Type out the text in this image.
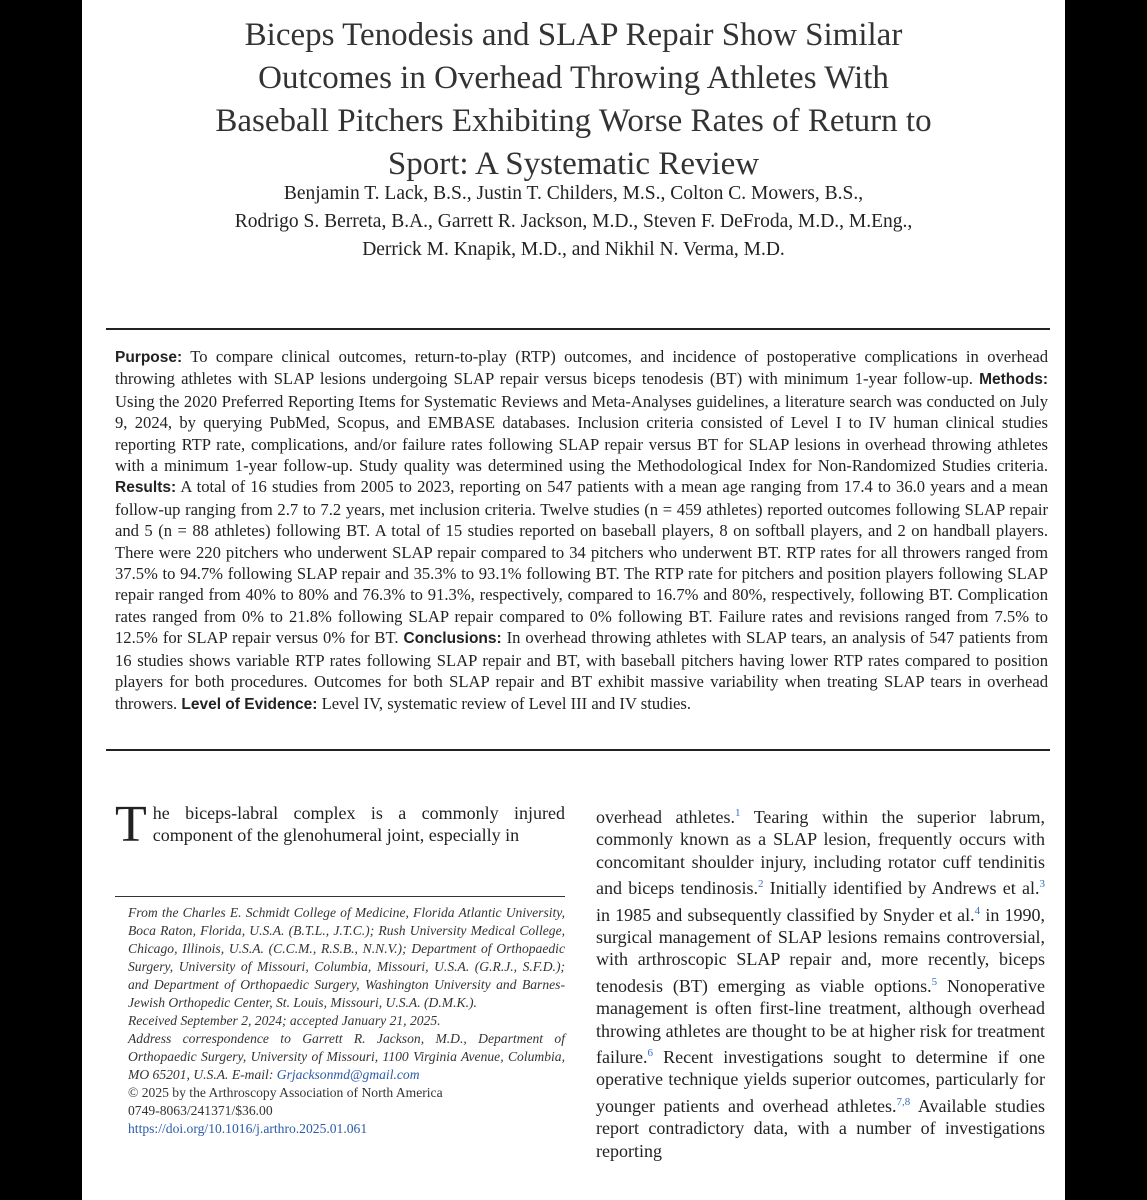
Biceps Tenodesis and SLAP Repair Show Similar
Outcomes in Overhead Throwing Athletes With
Baseball Pitchers Exhibiting Worse Rates of Return to
Sport: A Systematic Review
Benjamin T. Lack, B.S., Justin T. Childers, M.S., Colton C. Mowers, B.S.,
Rodrigo S. Berreta, B.A., Garrett R. Jackson, M.D., Steven F. DeFroda, M.D., M.Eng.,
Derrick M. Knapik, M.D., and Nikhil N. Verma, M.D.
Purpose: To compare clinical outcomes, return-to-play (RTP) outcomes, and incidence of postoperative complications in overhead throwing athletes with SLAP lesions undergoing SLAP repair versus biceps tenodesis (BT) with minimum 1-year follow-up. Methods: Using the 2020 Preferred Reporting Items for Systematic Reviews and Meta-Analyses guidelines, a literature search was conducted on July 9, 2024, by querying PubMed, Scopus, and EMBASE databases. Inclusion criteria consisted of Level I to IV human clinical studies reporting RTP rate, complications, and/or failure rates following SLAP repair versus BT for SLAP lesions in overhead throwing athletes with a minimum 1-year follow-up. Study quality was determined using the Methodological Index for Non-Randomized Studies criteria. Results: A total of 16 studies from 2005 to 2023, reporting on 547 patients with a mean age ranging from 17.4 to 36.0 years and a mean follow-up ranging from 2.7 to 7.2 years, met inclusion criteria. Twelve studies (n = 459 athletes) reported outcomes following SLAP repair and 5 (n = 88 athletes) following BT. A total of 15 studies reported on baseball players, 8 on softball players, and 2 on handball players. There were 220 pitchers who underwent SLAP repair compared to 34 pitchers who underwent BT. RTP rates for all throwers ranged from 37.5% to 94.7% following SLAP repair and 35.3% to 93.1% following BT. The RTP rate for pitchers and position players following SLAP repair ranged from 40% to 80% and 76.3% to 91.3%, respectively, compared to 16.7% and 80%, respectively, following BT. Complication rates ranged from 0% to 21.8% following SLAP repair compared to 0% following BT. Failure rates and revisions ranged from 7.5% to 12.5% for SLAP repair versus 0% for BT. Conclusions: In overhead throwing athletes with SLAP tears, an analysis of 547 patients from 16 studies shows variable RTP rates following SLAP repair and BT, with baseball pitchers having lower RTP rates compared to position players for both procedures. Outcomes for both SLAP repair and BT exhibit massive variability when treating SLAP tears in overhead throwers. Level of Evidence: Level IV, systematic review of Level III and IV studies.
The biceps-labral complex is a commonly injured component of the glenohumeral joint, especially in

From the Charles E. Schmidt College of Medicine, Florida Atlantic University, Boca Raton, Florida, U.S.A. (B.T.L., J.T.C.); Rush University Medical College, Chicago, Illinois, U.S.A. (C.C.M., R.S.B., N.N.V.); Department of Orthopaedic Surgery, University of Missouri, Columbia, Missouri, U.S.A. (G.R.J., S.F.D.); and Department of Orthopaedic Surgery, Washington University and Barnes-Jewish Orthopedic Center, St. Louis, Missouri, U.S.A. (D.M.K.).

Received September 2, 2024; accepted January 21, 2025.

Address correspondence to Garrett R. Jackson, M.D., Department of Orthopaedic Surgery, University of Missouri, 1100 Virginia Avenue, Columbia, MO 65201, U.S.A. E-mail: Grjacksonmd@gmail.com

© 2025 by the Arthroscopy Association of North America

0749-8063/241371/$36.00

https://doi.org/10.1016/j.arthro.2025.01.061

overhead athletes.$^1$ Tearing within the superior labrum, commonly known as a SLAP lesion, frequently occurs with concomitant shoulder injury, including rotator cuff tendinitis and biceps tendinosis.$^2$ Initially identified by Andrews et al.$^3$ in 1985 and subsequently classified by Snyder et al.$^4$ in 1990, surgical management of SLAP lesions remains controversial, with arthroscopic SLAP repair and, more recently, biceps tenodesis (BT) emerging as viable options.$^5$ Nonoperative management is often first-line treatment, although overhead throwing athletes are thought to be at higher risk for treatment failure.$^6$ Recent investigations sought to determine if one operative technique yields superior outcomes, particularly for younger patients and overhead athletes.$^{7,8}$ Available studies report contradictory data, with a number of investigations reporting
